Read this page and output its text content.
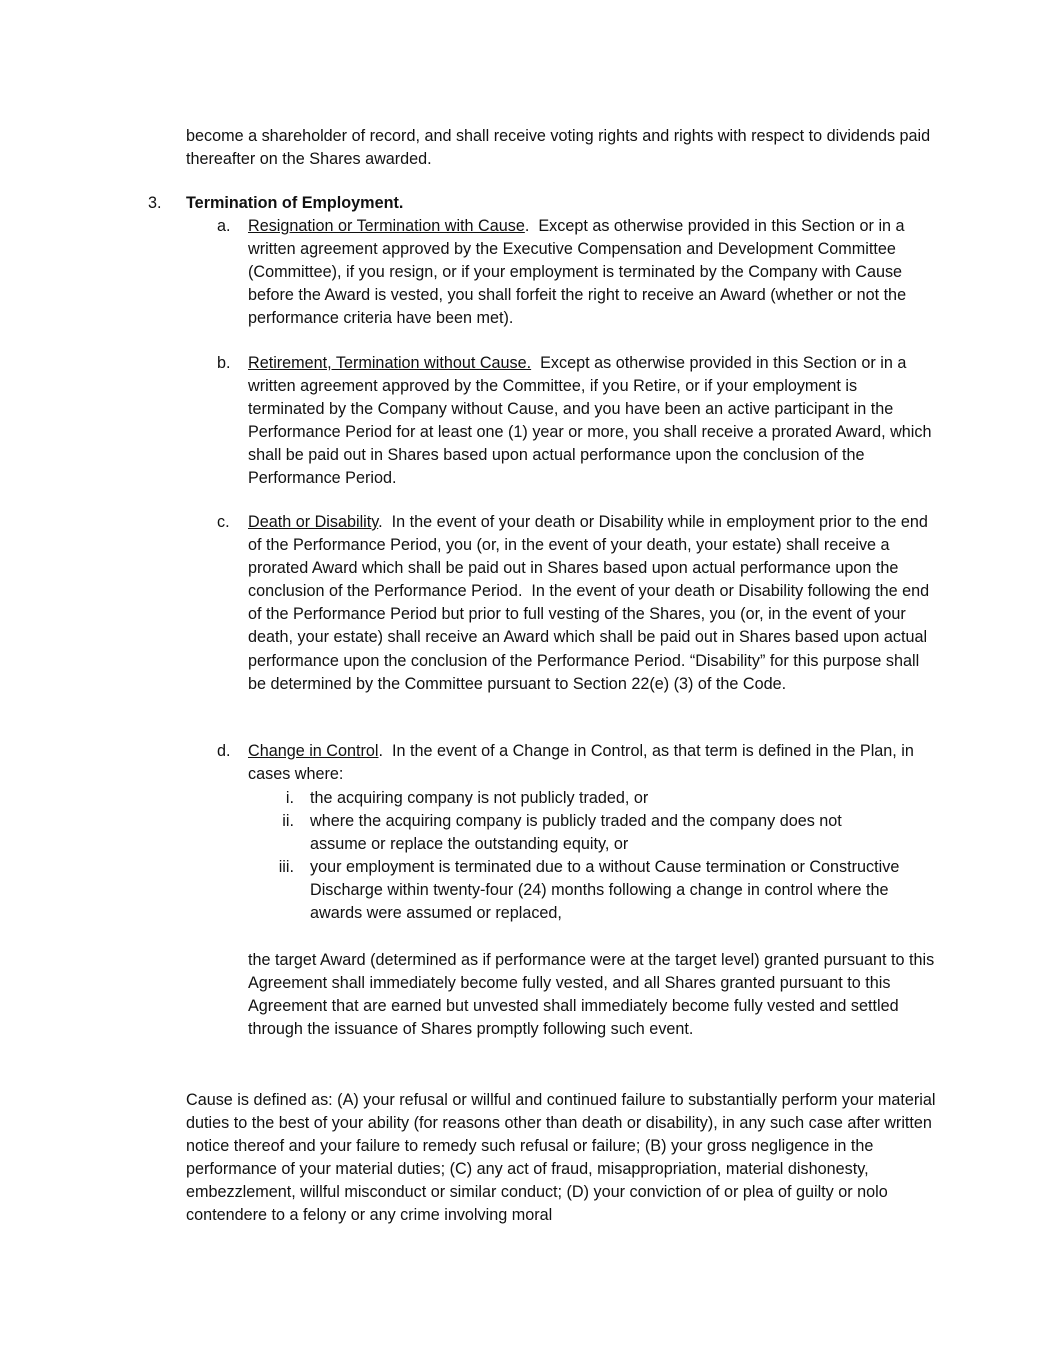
become a shareholder of record, and shall receive voting rights and rights with respect to dividends paid thereafter on the Shares awarded.

3. Termination of Employment.
a. Resignation or Termination with Cause.  Except as otherwise provided in this Section or in a written agreement approved by the Executive Compensation and Development Committee (Committee), if you resign, or if your employment is terminated by the Company with Cause before the Award is vested, you shall forfeit the right to receive an Award (whether or not the performance criteria have been met).

b. Retirement, Termination without Cause.  Except as otherwise provided in this Section or in a written agreement approved by the Committee, if you Retire, or if your employment is terminated by the Company without Cause, and you have been an active participant in the Performance Period for at least one (1) year or more, you shall receive a prorated Award, which shall be paid out in Shares based upon actual performance upon the conclusion of the Performance Period.

c. Death or Disability.  In the event of your death or Disability while in employment prior to the end of the Performance Period, you (or, in the event of your death, your estate) shall receive a prorated Award which shall be paid out in Shares based upon actual performance upon the conclusion of the Performance Period.  In the event of your death or Disability following the end of the Performance Period but prior to full vesting of the Shares, you (or, in the event of your death, your estate) shall receive an Award which shall be paid out in Shares based upon actual performance upon the conclusion of the Performance Period. “Disability” for this purpose shall be determined by the Committee pursuant to Section 22(e) (3) of the Code.

d. Change in Control.  In the event of a Change in Control, as that term is defined in the Plan, in cases where:

i. the acquiring company is not publicly traded, or

ii. where the acquiring company is publicly traded and the company does not assume or replace the outstanding equity, or

iii. your employment is terminated due to a without Cause termination or Constructive Discharge within twenty-four (24) months following a change in control where the awards were assumed or replaced,

the target Award (determined as if performance were at the target level) granted pursuant to this Agreement shall immediately become fully vested, and all Shares granted pursuant to this Agreement that are earned but unvested shall immediately become fully vested and settled through the issuance of Shares promptly following such event.

Cause is defined as: (A) your refusal or willful and continued failure to substantially perform your material duties to the best of your ability (for reasons other than death or disability), in any such case after written notice thereof and your failure to remedy such refusal or failure; (B) your gross negligence in the performance of your material duties; (C) any act of fraud, misappropriation, material dishonesty, embezzlement, willful misconduct or similar conduct; (D) your conviction of or plea of guilty or nolo contendere to a felony or any crime involving moral
